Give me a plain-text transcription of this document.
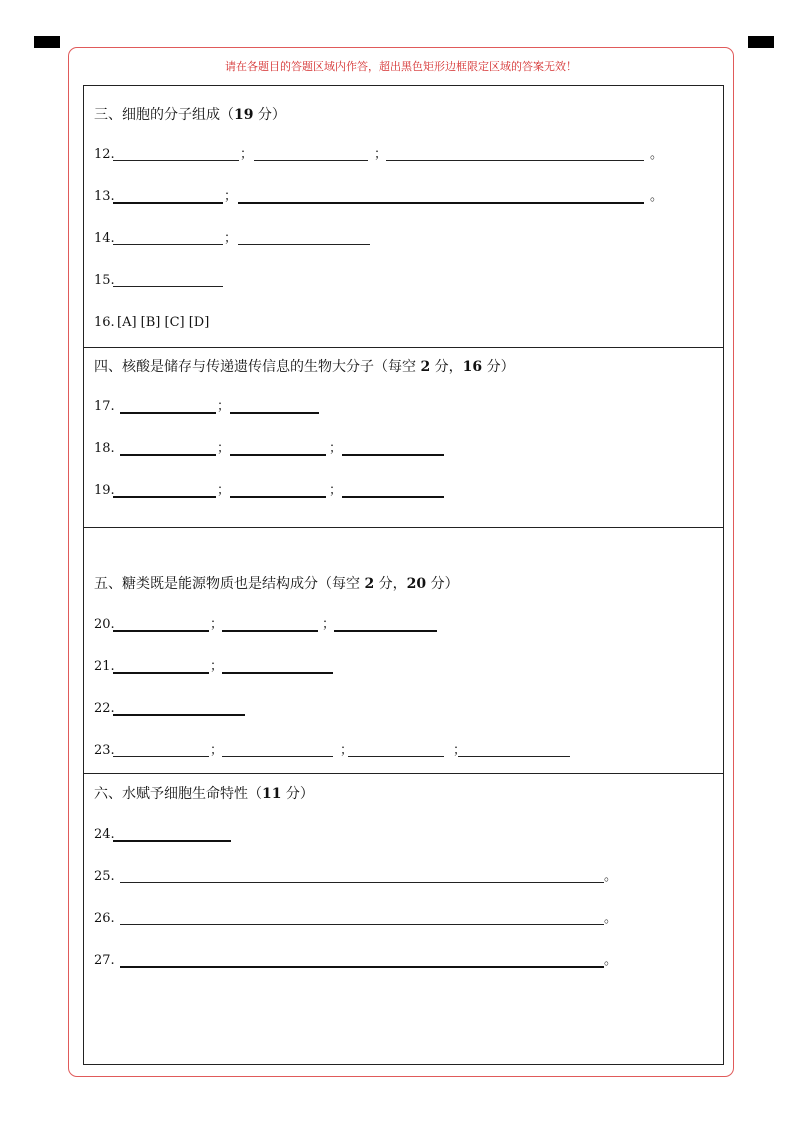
请在各题目的答题区域内作答，超出黑色矩形边框限定区域的答案无效！
三、细胞的分子组成（19 分）
12.	；	；	。
13.	；	。
14.	；
15.
16. [A] [B] [C] [D]
四、核酸是储存与传递遗传信息的生物大分子（每空 2 分，16 分）
17.	；
18.	；	；
19.	；	；
五、糖类既是能源物质也是结构成分（每空 2 分，20 分）
20.	；	；
21.	；
22.
23.	；	；	；
六、水赋予细胞生命特性（11 分）
24.
25.	。
26.	。
27.	。
